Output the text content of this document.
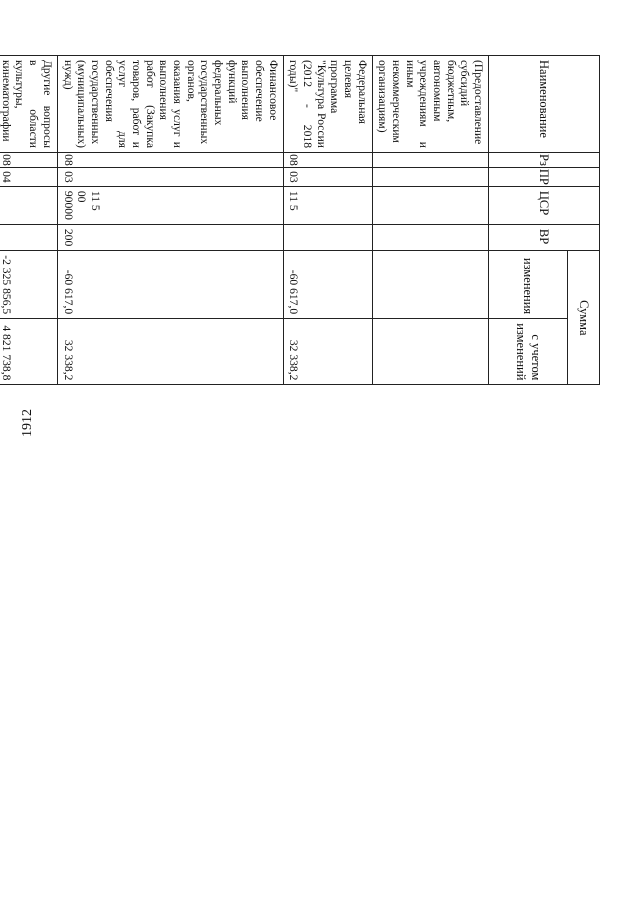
1912
Наименование	Рз	ПР	ЦСР	ВР	Сумма	
					изменения	с учетом изменений
(Предоставление субсидий бюджетным, автономным учреждениям и иным некоммерческим организациям)						
Федеральная целевая программа "Культура России (2012 - 2018 годы)"	08	03	11 5		-60 617,0	32 338,2
Финансовое обеспечение выполнения функций федеральных государственных органов, оказания услуг и выполнения работ (Закупка товаров, работ и услуг для обеспечения государственных (муниципальных) нужд)	08	03	11 5 00 90000	200	-60 617,0	32 338,2
Другие вопросы в области культуры, кинематографии	08	04			-2 325 856,5	4 821 738,8
